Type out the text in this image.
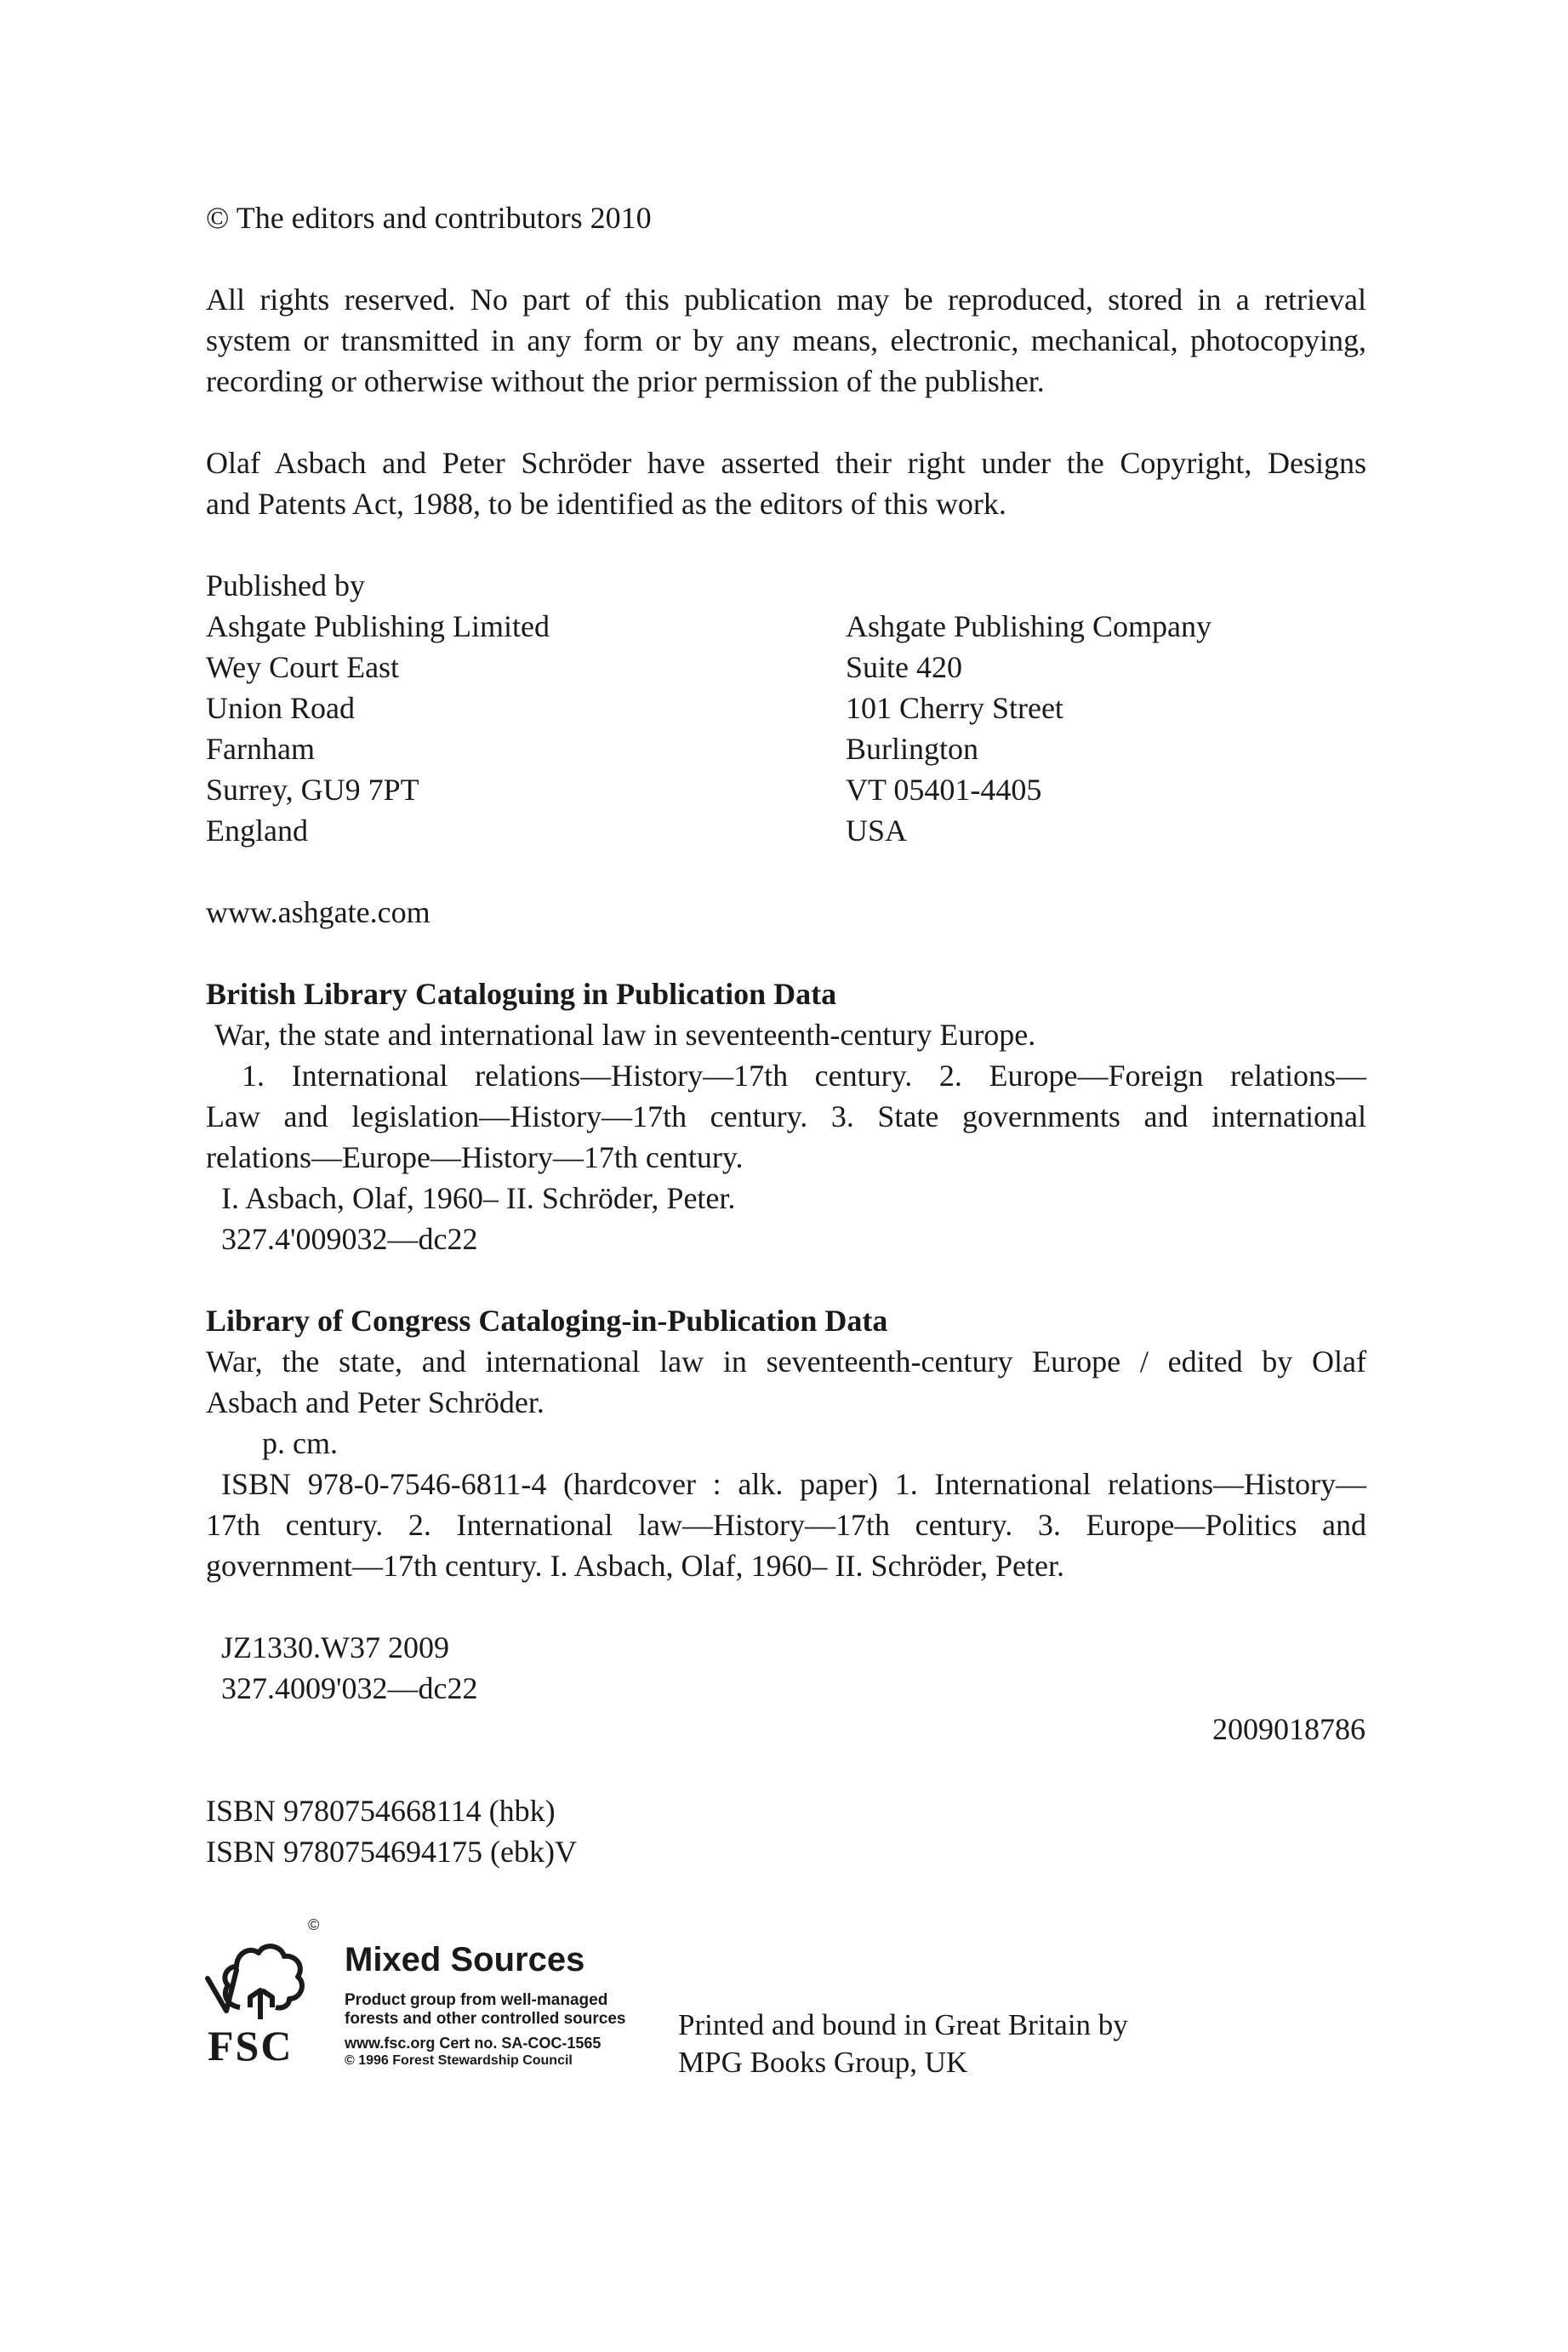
© The editors and contributors 2010
All rights reserved. No part of this publication may be reproduced, stored in a retrieval
system or transmitted in any form or by any means, electronic, mechanical, photocopying,
recording or otherwise without the prior permission of the publisher.
Olaf Asbach and Peter Schröder have asserted their right under the Copyright, Designs
and Patents Act, 1988, to be identified as the editors of this work.
Published by
Ashgate Publishing Limited
Wey Court East
Union Road
Farnham
Surrey, GU9 7PT
England
Ashgate Publishing Company
Suite 420
101 Cherry Street
Burlington
VT 05401-4405
USA
www.ashgate.com
British Library Cataloguing in Publication Data
War, the state and international law in seventeenth-century Europe.
1. International relations—History—17th century. 2. Europe—Foreign relations—
Law and legislation—History—17th century. 3. State governments and international
relations—Europe—History—17th century.
I. Asbach, Olaf, 1960– II. Schröder, Peter.
327.4'009032—dc22
Library of Congress Cataloging-in-Publication Data
War, the state, and international law in seventeenth-century Europe / edited by Olaf
Asbach and Peter Schröder.
p. cm.
ISBN 978-0-7546-6811-4 (hardcover : alk. paper) 1. International relations—History—
17th century. 2. International law—History—17th century. 3. Europe—Politics and
government—17th century. I. Asbach, Olaf, 1960– II. Schröder, Peter.
JZ1330.W37 2009
327.4009'032—dc22
2009018786
ISBN 9780754668114 (hbk)
ISBN 9780754694175 (ebk)V
©
FSC
Mixed Sources
Product group from well-managed
forests and other controlled sources
www.fsc.org Cert no. SA-COC-1565
© 1996 Forest Stewardship Council
Printed and bound in Great Britain by
MPG Books Group, UK
